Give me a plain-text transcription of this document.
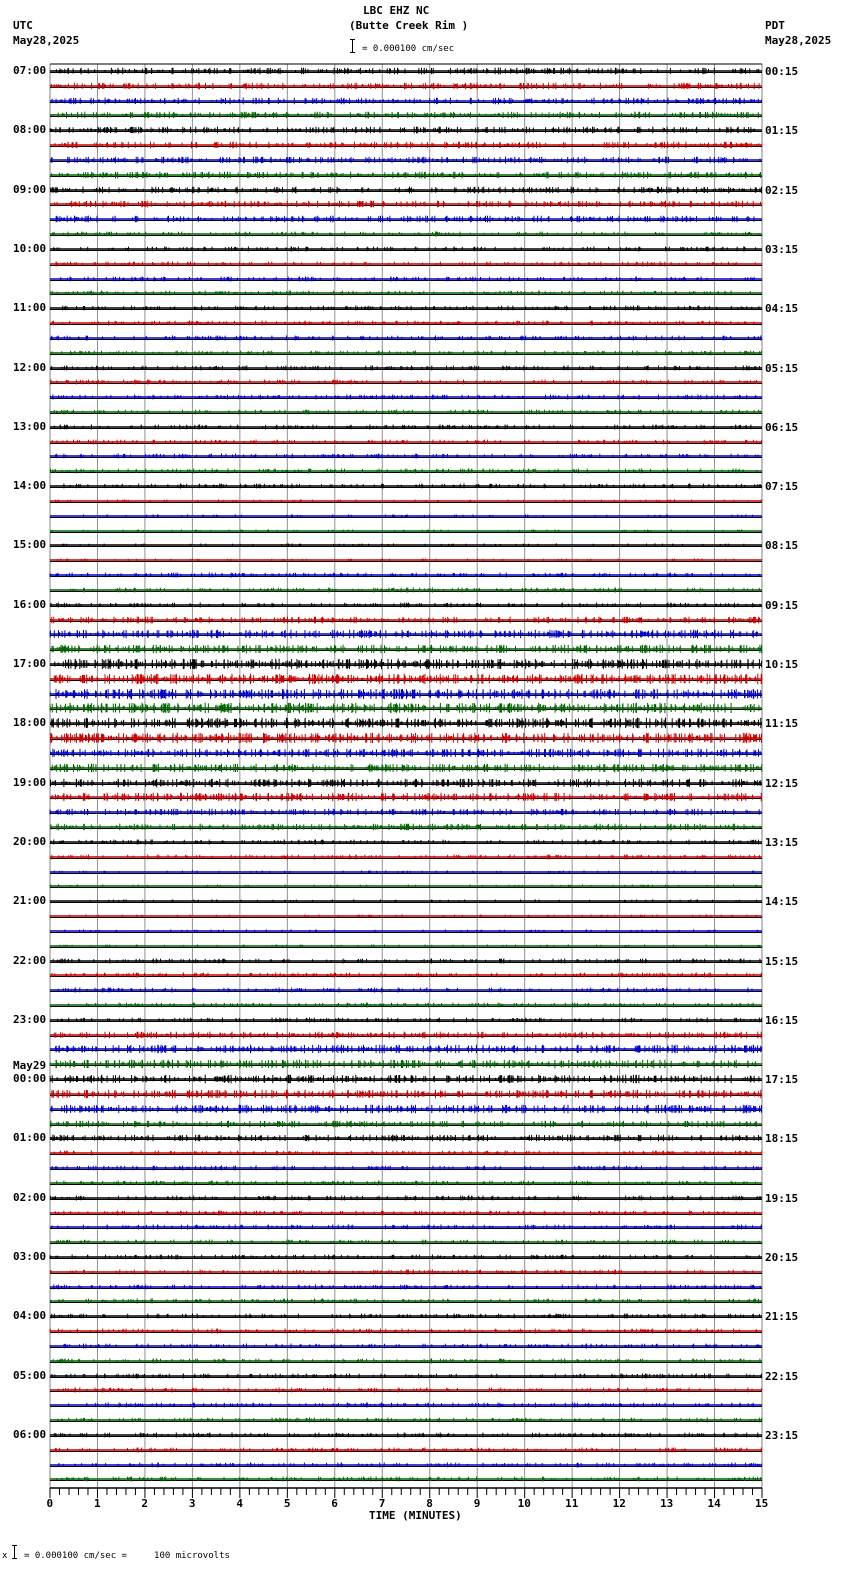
LBC EHZ NC
(Butte Creek Rim )
= 0.000100 cm/sec
UTC
May28,2025
PDT
May28,2025
0	1	2	3	4	5	6	7	8	9	10	11	12	13	14	15
07:00
08:00
09:00
10:00
11:00
12:00
13:00
14:00
15:00
16:00
17:00
18:00
19:00
20:00
21:00
22:00
23:00
00:00
May29
01:00
02:00
03:00
04:00
05:00
06:00
00:15
01:15
02:15
03:15
04:15
05:15
06:15
07:15
08:15
09:15
10:15
11:15
12:15
13:15
14:15
15:15
16:15
17:15
18:15
19:15
20:15
21:15
22:15
23:15
TIME (MINUTES)
x = 0.000100 cm/sec =     100 microvolts
